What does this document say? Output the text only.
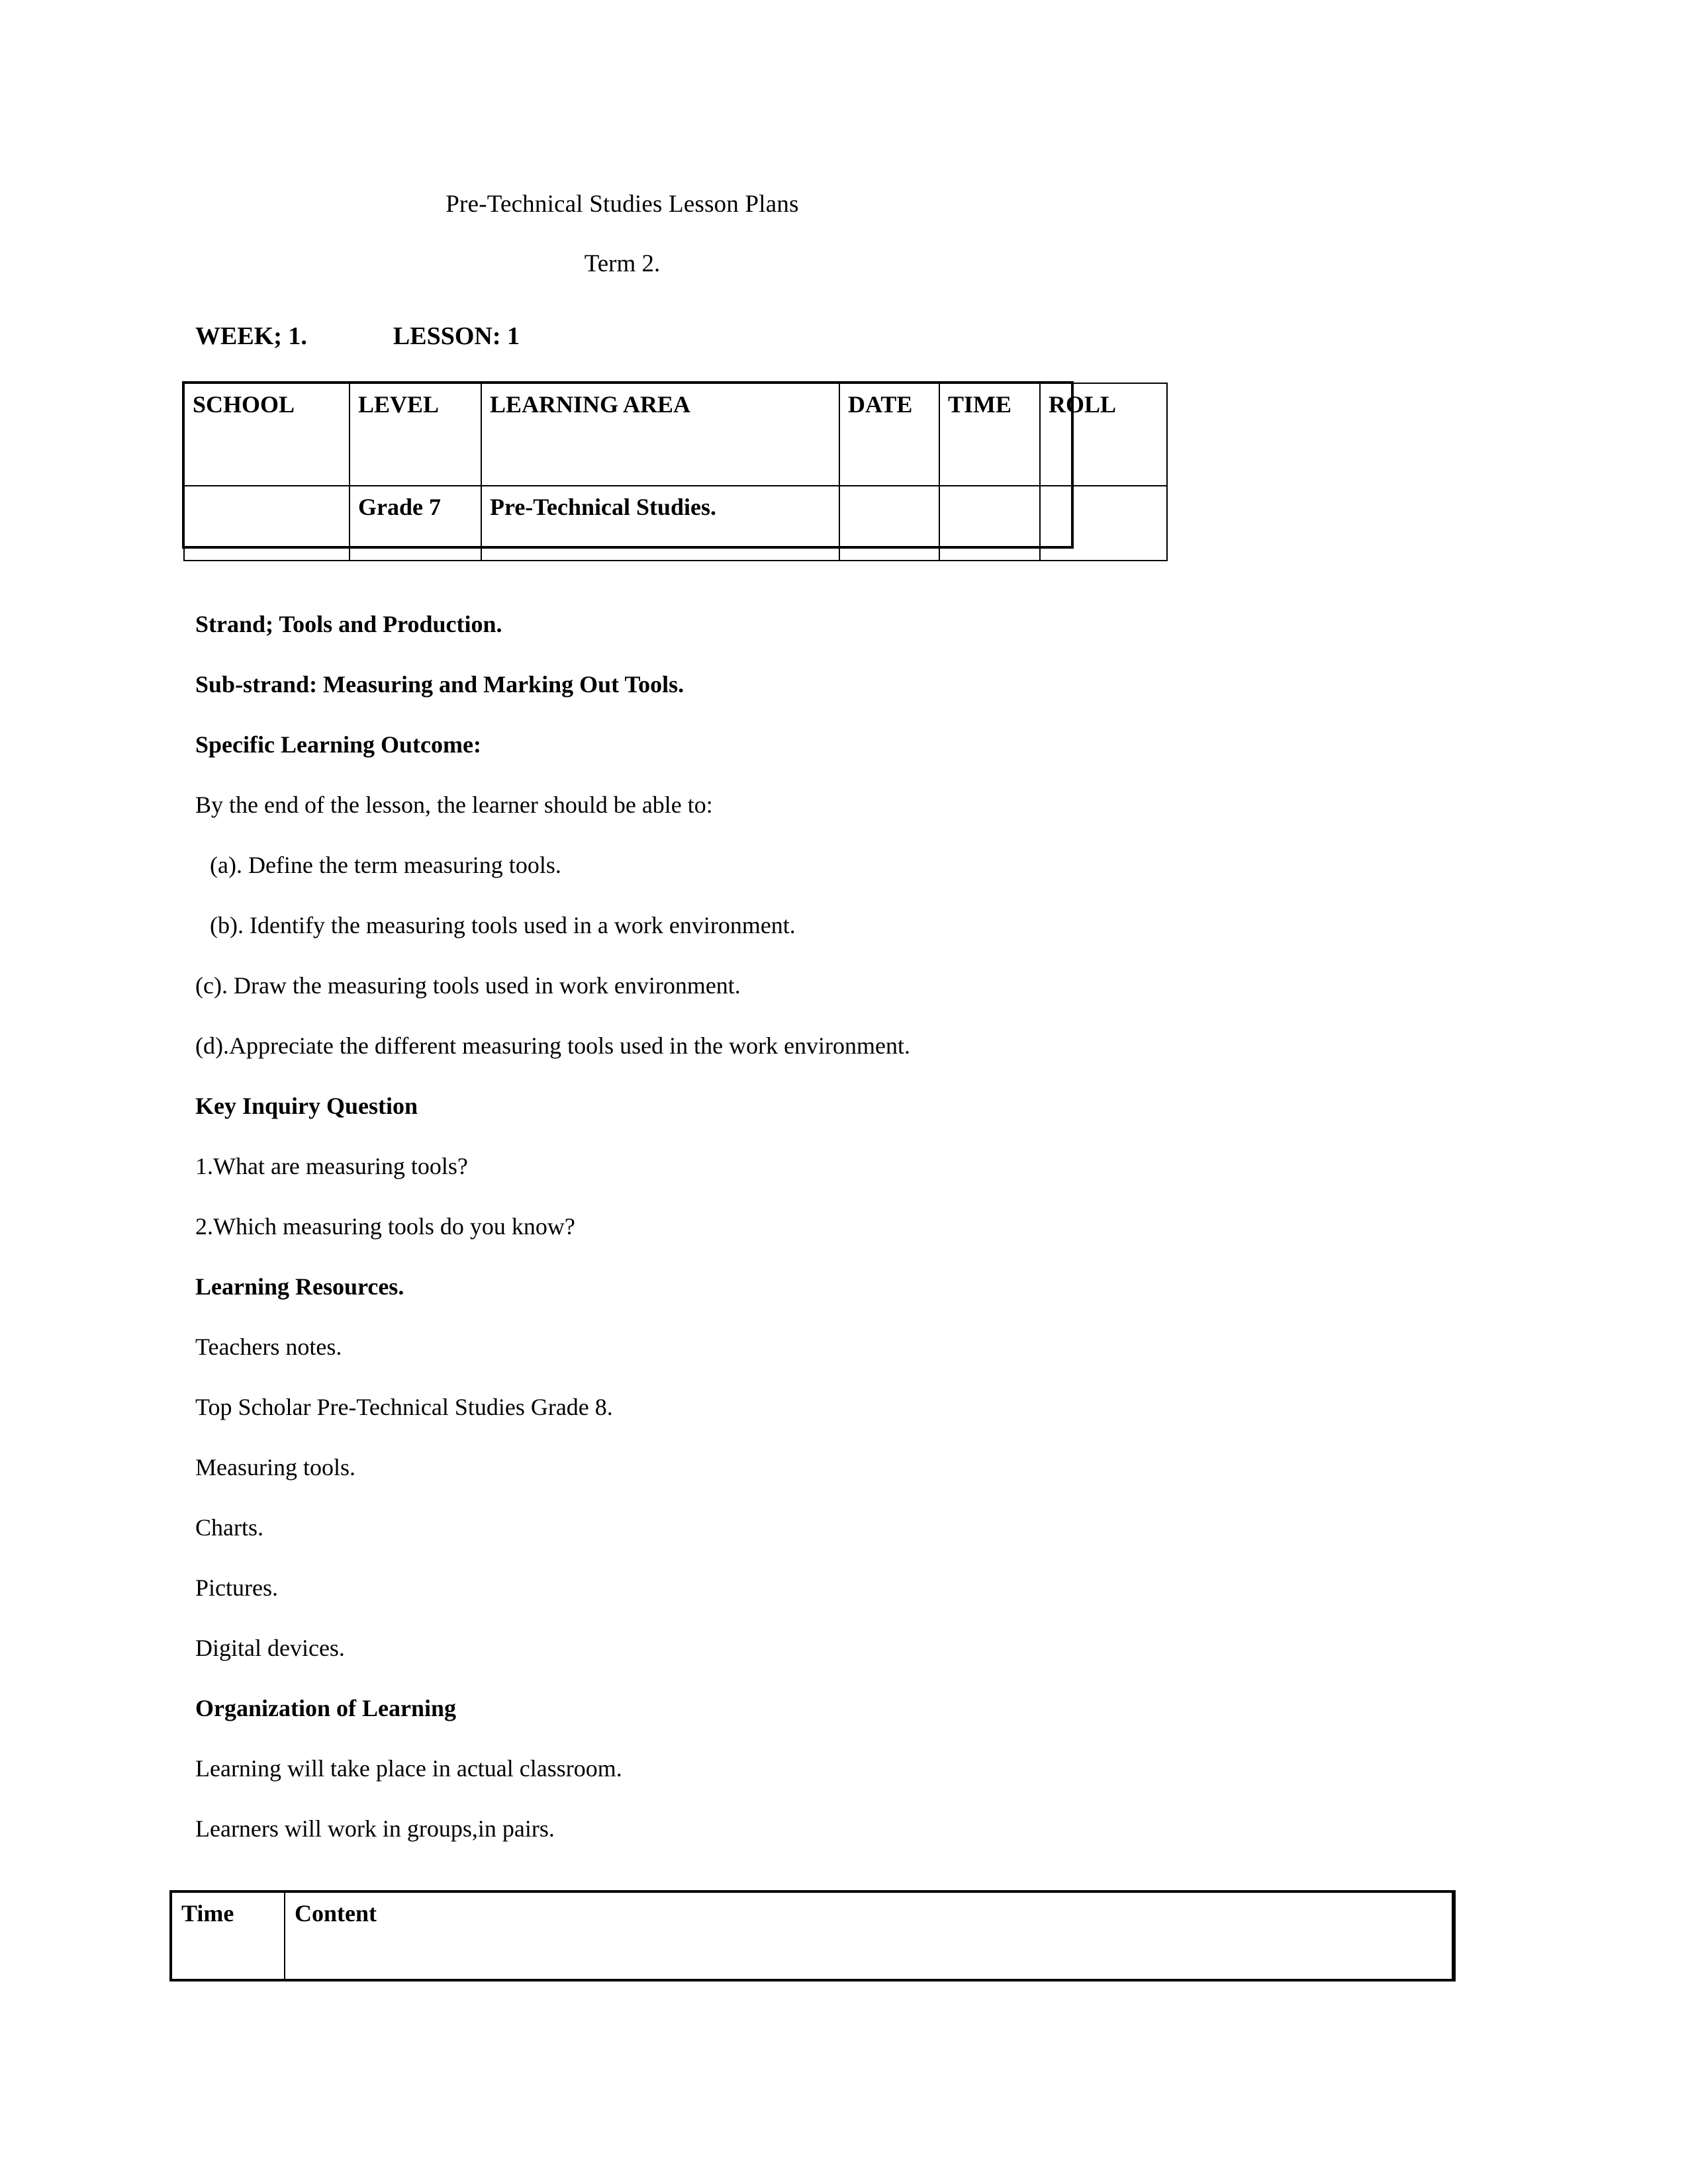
Pre-Technical Studies Lesson Plans
Term 2.
WEEK; 1.	LESSON: 1
SCHOOL	LEVEL	LEARNING AREA	DATE	TIME	ROLL
	Grade 7	Pre-Technical Studies.			

Strand; Tools and Production.

Sub-strand: Measuring and Marking Out Tools.

Specific Learning Outcome:

By the end of the lesson, the learner should be able to:

(a). Define the term measuring tools.

(b). Identify the measuring tools used in a work environment.

(c). Draw the measuring tools used in work environment.

(d).Appreciate the different measuring tools used in the work environment.

Key Inquiry Question

1.What are measuring tools?

2.Which measuring tools do you know?

Learning Resources.

Teachers notes.

Top Scholar Pre-Technical Studies Grade 8.

Measuring tools.

Charts.

Pictures.

Digital devices.

Organization of Learning

Learning will take place in actual classroom.

Learners will work in groups,in pairs.

Time	Content
